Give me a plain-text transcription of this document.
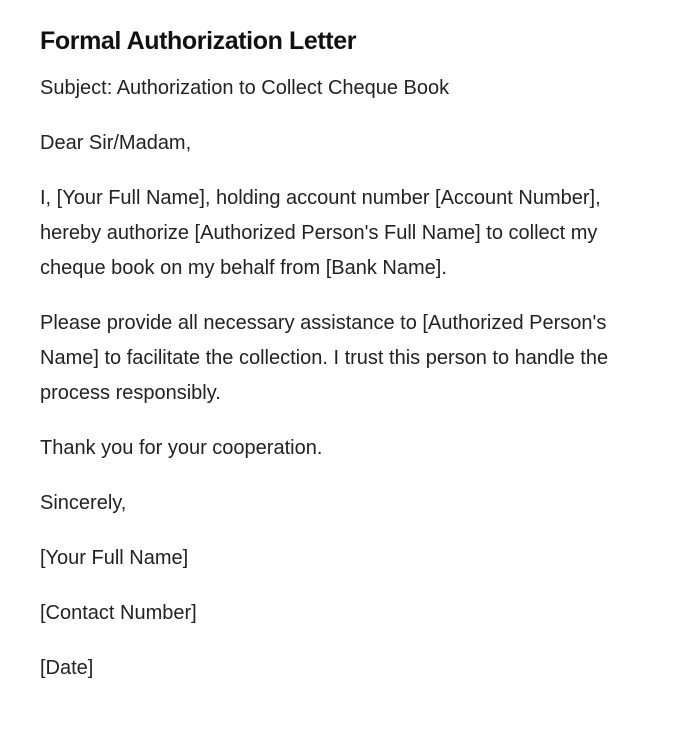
Formal Authorization Letter

Subject: Authorization to Collect Cheque Book

Dear Sir/Madam,

I, [Your Full Name], holding account number [Account Number], hereby authorize [Authorized Person's Full Name] to collect my cheque book on my behalf from [Bank Name].

Please provide all necessary assistance to [Authorized Person's Name] to facilitate the collection. I trust this person to handle the process responsibly.

Thank you for your cooperation.

Sincerely,

[Your Full Name]

[Contact Number]

[Date]
